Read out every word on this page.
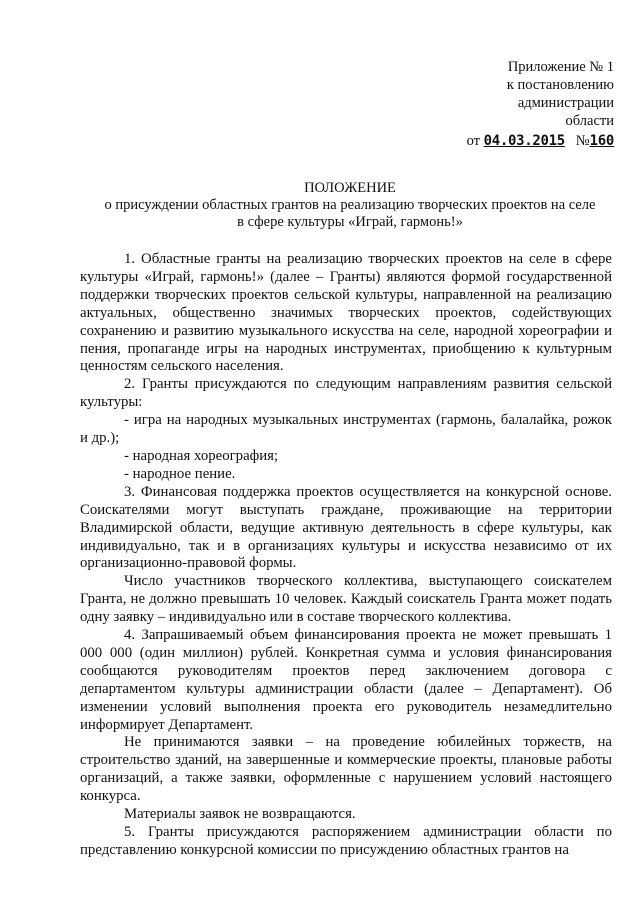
Приложение № 1
к постановлению
администрации
области
от 04.03.2015 №160
ПОЛОЖЕНИЕ
о присуждении областных грантов на реализацию творческих проектов на селе
в сфере культуры «Играй, гармонь!»

1. Областные гранты на реализацию творческих проектов на селе в сфере культуры «Играй, гармонь!» (далее – Гранты) являются формой государственной поддержки творческих проектов сельской культуры, направленной на реализацию актуальных, общественно значимых творческих проектов, содействующих сохранению и развитию музыкального искусства на селе, народной хореографии и пения, пропаганде игры на народных инструментах, приобщению к культурным ценностям сельского населения.

2. Гранты присуждаются по следующим направлениям развития сельской культуры:

- игра на народных музыкальных инструментах (гармонь, балалайка, рожок и др.);

- народная хореография;

- народное пение.

3. Финансовая поддержка проектов осуществляется на конкурсной основе. Соискателями могут выступать граждане, проживающие на территории Владимирской области, ведущие активную деятельность в сфере культуры, как индивидуально, так и в организациях культуры и искусства независимо от их организационно-правовой формы.

Число участников творческого коллектива, выступающего соискателем Гранта, не должно превышать 10 человек. Каждый соискатель Гранта может подать одну заявку – индивидуально или в составе творческого коллектива.

4. Запрашиваемый объем финансирования проекта не может превышать 1 000 000 (один миллион) рублей. Конкретная сумма и условия финансирования сообщаются руководителям проектов перед заключением договора с департаментом культуры администрации области (далее – Департамент). Об изменении условий выполнения проекта его руководитель незамедлительно информирует Департамент.

Не принимаются заявки – на проведение юбилейных торжеств, на строительство зданий, на завершенные и коммерческие проекты, плановые работы организаций, а также заявки, оформленные с нарушением условий настоящего конкурса.

Материалы заявок не возвращаются.

5. Гранты присуждаются распоряжением администрации области по представлению конкурсной комиссии по присуждению областных грантов на
